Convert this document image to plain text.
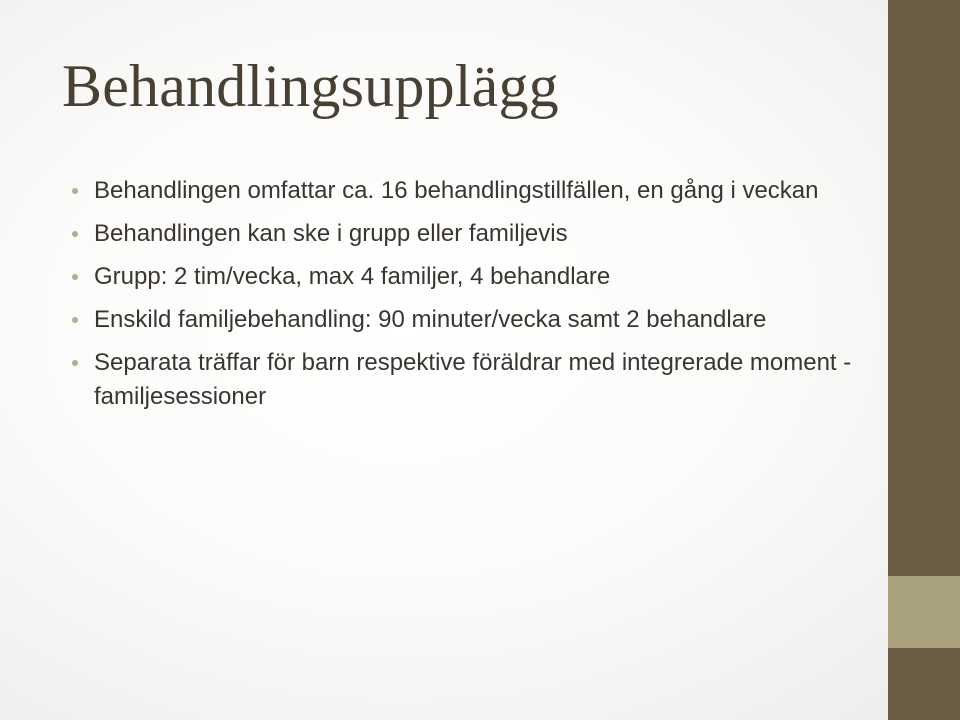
Behandlingsupplägg
Behandlingen omfattar ca. 16 behandlingstillfällen, en gång i veckan
Behandlingen kan ske i grupp eller familjevis
Grupp: 2 tim/vecka, max 4 familjer, 4 behandlare
Enskild familjebehandling: 90 minuter/vecka samt 2 behandlare
Separata träffar för barn respektive föräldrar med integrerade moment - familjesessioner
